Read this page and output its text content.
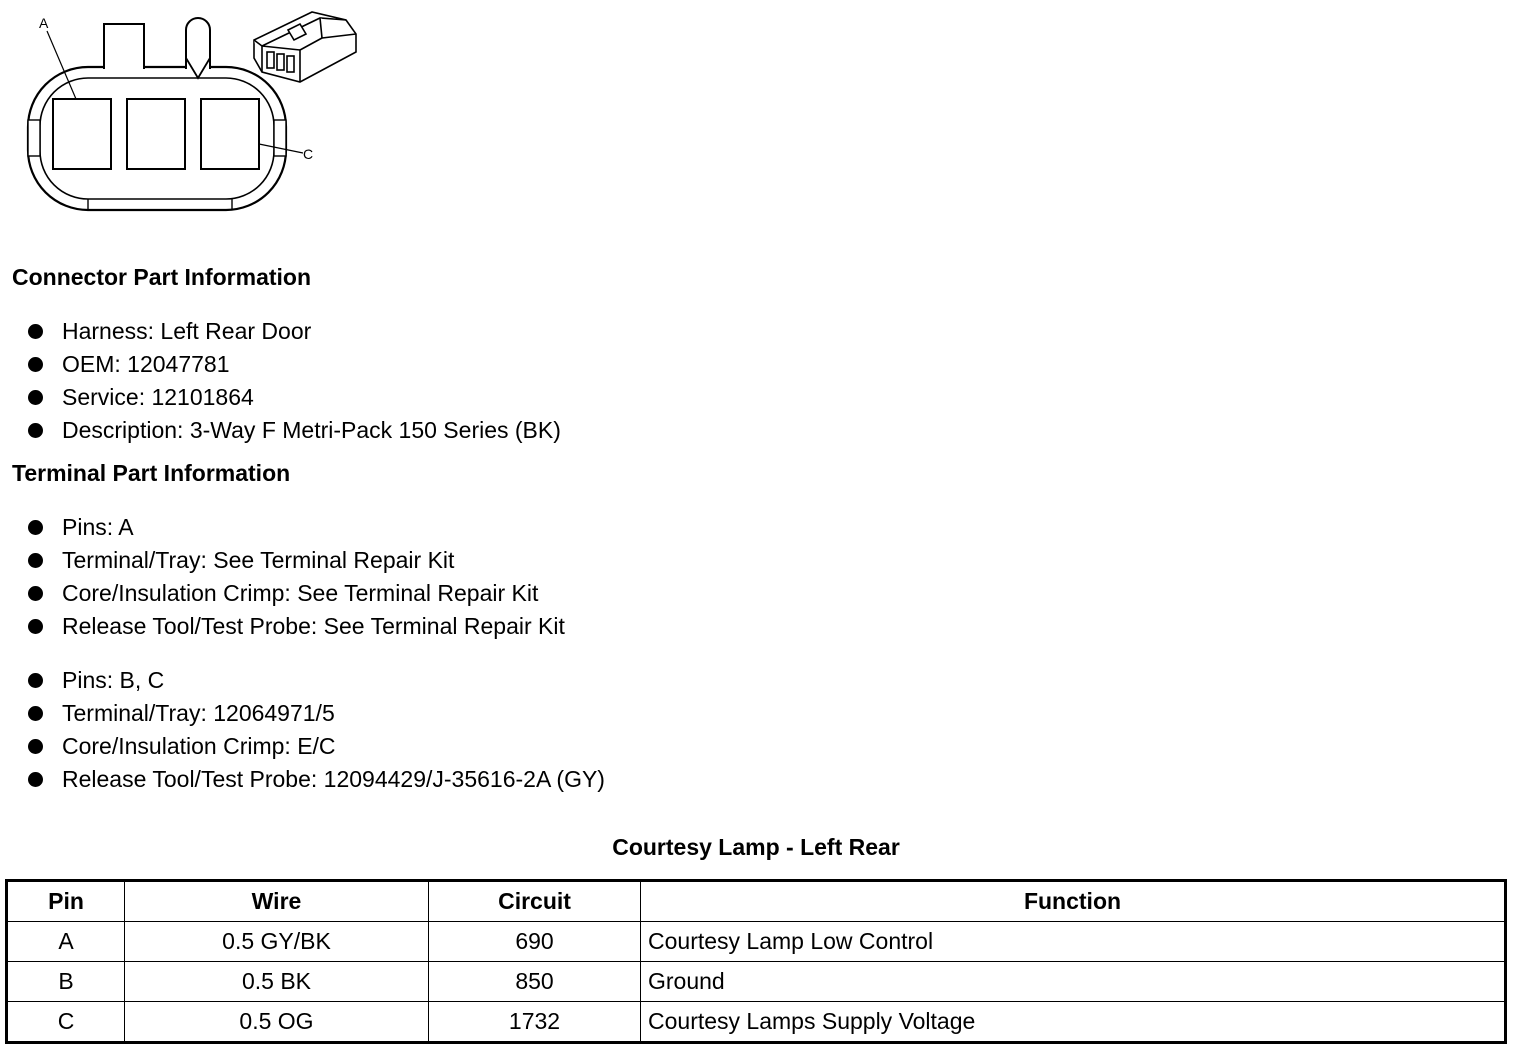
A
C
Connector Part Information
Harness: Left Rear Door
OEM: 12047781
Service: 12101864
Description: 3-Way F Metri-Pack 150 Series (BK)
Terminal Part Information
Pins: A
Terminal/Tray: See Terminal Repair Kit
Core/Insulation Crimp: See Terminal Repair Kit
Release Tool/Test Probe: See Terminal Repair Kit
Pins: B, C
Terminal/Tray: 12064971/5
Core/Insulation Crimp: E/C
Release Tool/Test Probe: 12094429/J-35616-2A (GY)
Courtesy Lamp - Left Rear
Pin	Wire	Circuit	Function
A	0.5 GY/BK	690	Courtesy Lamp Low Control
B	0.5 BK	850	Ground
C	0.5 OG	1732	Courtesy Lamps Supply Voltage
